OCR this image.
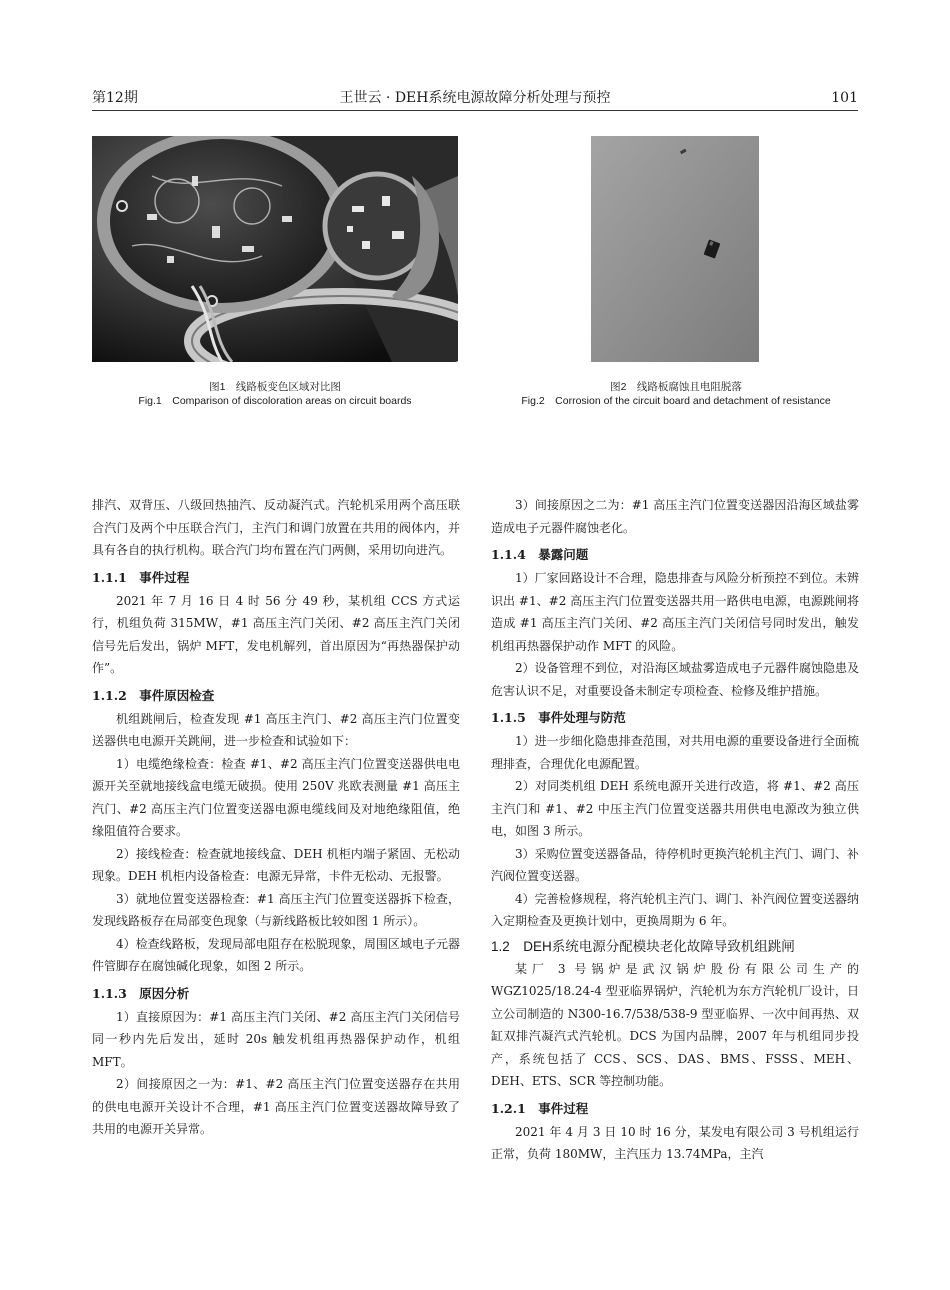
第12期	王世云 · DEH系统电源故障分析处理与预控	101
图1　线路板变色区域对比图
Fig.1　Comparison of discoloration areas on circuit boards
图2　线路板腐蚀且电阻脱落
Fig.2　Corrosion of the circuit board and detachment of resistance

排汽、双背压、八级回热抽汽、反动凝汽式。汽轮机采用两个高压联合汽门及两个中压联合汽门，主汽门和调门放置在共用的阀体内，并具有各自的执行机构。联合汽门均布置在汽门两侧，采用切向进汽。

1.1.1　事件过程

2021 年 7 月 16 日 4 时 56 分 49 秒，某机组 CCS 方式运行，机组负荷 315MW，#1 高压主汽门关闭、#2 高压主汽门关闭信号先后发出，锅炉 MFT，发电机解列，首出原因为“再热器保护动作”。

1.1.2　事件原因检查

机组跳闸后，检查发现 #1 高压主汽门、#2 高压主汽门位置变送器供电电源开关跳闸，进一步检查和试验如下：

1）电缆绝缘检查：检查 #1、#2 高压主汽门位置变送器供电电源开关至就地接线盒电缆无破损。使用 250V 兆欧表测量 #1 高压主汽门、#2 高压主汽门位置变送器电源电缆线间及对地绝缘阻值，绝缘阻值符合要求。

2）接线检查：检查就地接线盒、DEH 机柜内端子紧固、无松动现象。DEH 机柜内设备检查：电源无异常，卡件无松动、无报警。

3）就地位置变送器检查：#1 高压主汽门位置变送器拆下检查，发现线路板存在局部变色现象（与新线路板比较如图 1 所示）。

4）检查线路板，发现局部电阻存在松脱现象，周围区域电子元器件管脚存在腐蚀碱化现象，如图 2 所示。

1.1.3　原因分析

1）直接原因为：#1 高压主汽门关闭、#2 高压主汽门关闭信号同一秒内先后发出，延时 20s 触发机组再热器保护动作，机组 MFT。

2）间接原因之一为：#1、#2 高压主汽门位置变送器存在共用的供电电源开关设计不合理，#1 高压主汽门位置变送器故障导致了共用的电源开关异常。

3）间接原因之二为：#1 高压主汽门位置变送器因沿海区域盐雾造成电子元器件腐蚀老化。

1.1.4　暴露问题

1）厂家回路设计不合理，隐患排查与风险分析预控不到位。未辨识出 #1、#2 高压主汽门位置变送器共用一路供电电源，电源跳闸将造成 #1 高压主汽门关闭、#2 高压主汽门关闭信号同时发出，触发机组再热器保护动作 MFT 的风险。

2）设备管理不到位，对沿海区域盐雾造成电子元器件腐蚀隐患及危害认识不足，对重要设备未制定专项检查、检修及维护措施。

1.1.5　事件处理与防范

1）进一步细化隐患排查范围，对共用电源的重要设备进行全面梳理排查，合理优化电源配置。

2）对同类机组 DEH 系统电源开关进行改造，将 #1、#2 高压主汽门和 #1、#2 中压主汽门位置变送器共用供电电源改为独立供电，如图 3 所示。

3）采购位置变送器备品，待停机时更换汽轮机主汽门、调门、补汽阀位置变送器。

4）完善检修规程，将汽轮机主汽门、调门、补汽阀位置变送器纳入定期检查及更换计划中，更换周期为 6 年。

1.2　DEH系统电源分配模块老化故障导致机组跳闸

某厂 3 号锅炉是武汉锅炉股份有限公司生产的 WGZ1025/18.24-4 型亚临界锅炉，汽轮机为东方汽轮机厂设计，日立公司制造的 N300-16.7/538/538-9 型亚临界、一次中间再热、双缸双排汽凝汽式汽轮机。DCS 为国内品牌，2007 年与机组同步投产，系统包括了 CCS、SCS、DAS、BMS、FSSS、MEH、DEH、ETS、SCR 等控制功能。

1.2.1　事件过程

2021 年 4 月 3 日 10 时 16 分，某发电有限公司 3 号机组运行正常，负荷 180MW，主汽压力 13.74MPa，主汽
